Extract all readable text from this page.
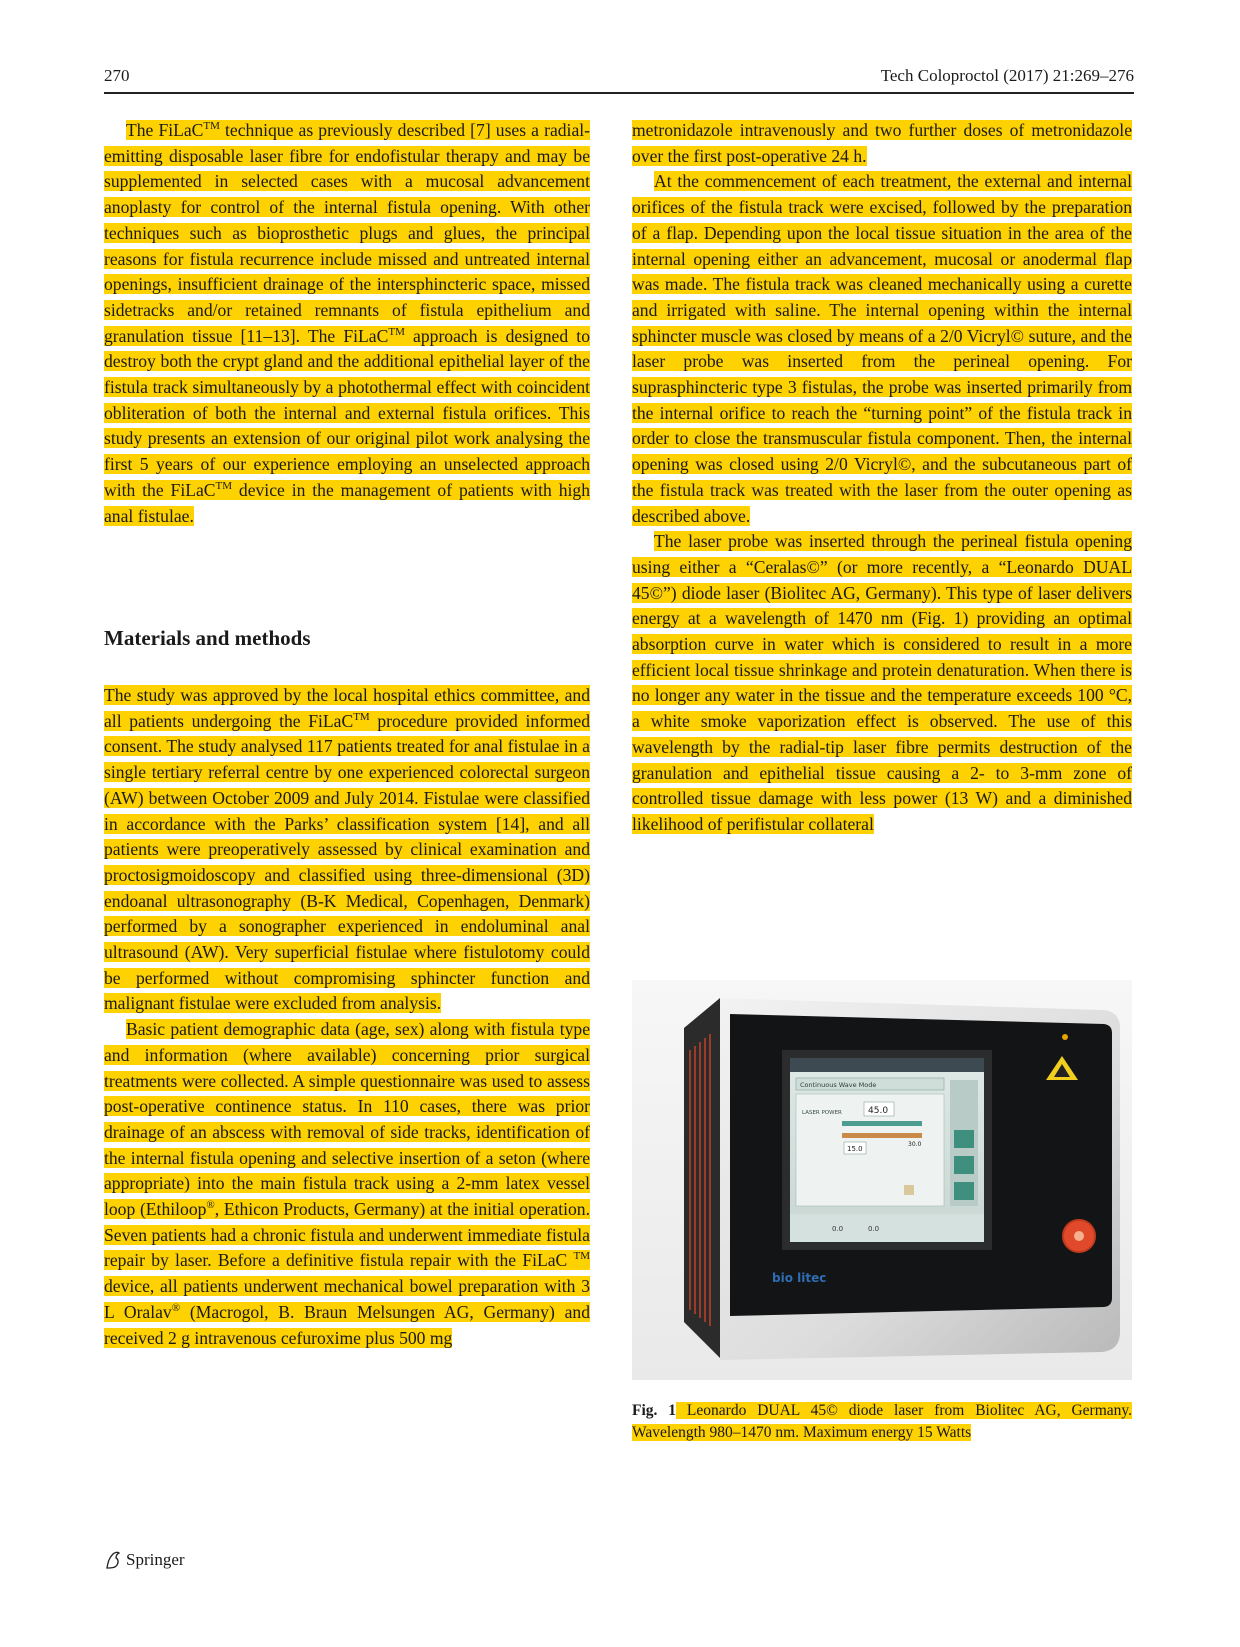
270	Tech Coloproctol (2017) 21:269–276

The FiLaC™ technique as previously described [7] uses a radial-emitting disposable laser fibre for endofistular therapy and may be supplemented in selected cases with a mucosal advancement anoplasty for control of the internal fistula opening. With other techniques such as bioprosthetic plugs and glues, the principal reasons for fistula recurrence include missed and untreated internal openings, insufficient drainage of the intersphincteric space, missed sidetracks and/or retained remnants of fistula epithelium and granulation tissue [11–13]. The FiLaC™ approach is designed to destroy both the crypt gland and the additional epithelial layer of the fistula track simultaneously by a photothermal effect with coincident obliteration of both the internal and external fistula orifices. This study presents an extension of our original pilot work analysing the first 5 years of our experience employing an unselected approach with the FiLaC™ device in the management of patients with high anal fistulae.

Materials and methods

The study was approved by the local hospital ethics committee, and all patients undergoing the FiLaC™ procedure provided informed consent. The study analysed 117 patients treated for anal fistulae in a single tertiary referral centre by one experienced colorectal surgeon (AW) between October 2009 and July 2014. Fistulae were classified in accordance with the Parks’ classification system [14], and all patients were preoperatively assessed by clinical examination and proctosigmoidoscopy and classified using three-dimensional (3D) endoanal ultrasonography (B-K Medical, Copenhagen, Denmark) performed by a sonographer experienced in endoluminal anal ultrasound (AW). Very superficial fistulae where fistulotomy could be performed without compromising sphincter function and malignant fistulae were excluded from analysis.

Basic patient demographic data (age, sex) along with fistula type and information (where available) concerning prior surgical treatments were collected. A simple questionnaire was used to assess post-operative continence status. In 110 cases, there was prior drainage of an abscess with removal of side tracks, identification of the internal fistula opening and selective insertion of a seton (where appropriate) into the main fistula track using a 2-mm latex vessel loop (Ethiloop®, Ethicon Products, Germany) at the initial operation. Seven patients had a chronic fistula and underwent immediate fistula repair by laser. Before a definitive fistula repair with the FiLaC ™ device, all patients underwent mechanical bowel preparation with 3 L Oralav® (Macrogol, B. Braun Melsungen AG, Germany) and received 2 g intravenous cefuroxime plus 500 mg

metronidazole intravenously and two further doses of metronidazole over the first post-operative 24 h.

At the commencement of each treatment, the external and internal orifices of the fistula track were excised, followed by the preparation of a flap. Depending upon the local tissue situation in the area of the internal opening either an advancement, mucosal or anodermal flap was made. The fistula track was cleaned mechanically using a curette and irrigated with saline. The internal opening within the internal sphincter muscle was closed by means of a 2/0 Vicryl© suture, and the laser probe was inserted from the perineal opening. For suprasphincteric type 3 fistulas, the probe was inserted primarily from the internal orifice to reach the “turning point” of the fistula track in order to close the transmuscular fistula component. Then, the internal opening was closed using 2/0 Vicryl©, and the subcutaneous part of the fistula track was treated with the laser from the outer opening as described above.

The laser probe was inserted through the perineal fistula opening using either a “Ceralas©” (or more recently, a “Leonardo DUAL 45©”) diode laser (Biolitec AG, Germany). This type of laser delivers energy at a wavelength of 1470 nm (Fig. 1) providing an optimal absorption curve in water which is considered to result in a more efficient local tissue shrinkage and protein denaturation. When there is no longer any water in the tissue and the temperature exceeds 100 °C, a white smoke vaporization effect is observed. The use of this wavelength by the radial-tip laser fibre permits destruction of the granulation and epithelial tissue causing a 2- to 3-mm zone of controlled tissue damage with less power (13 W) and a diminished likelihood of perifistular collateral

Continuous Wave Mode
LASER POWER	45.0
30.0
15.0
0.0	0.0
bio litec
Fig. 1 Leonardo DUAL 45© diode laser from Biolitec AG, Germany. Wavelength 980–1470 nm. Maximum energy 15 Watts
Springer
